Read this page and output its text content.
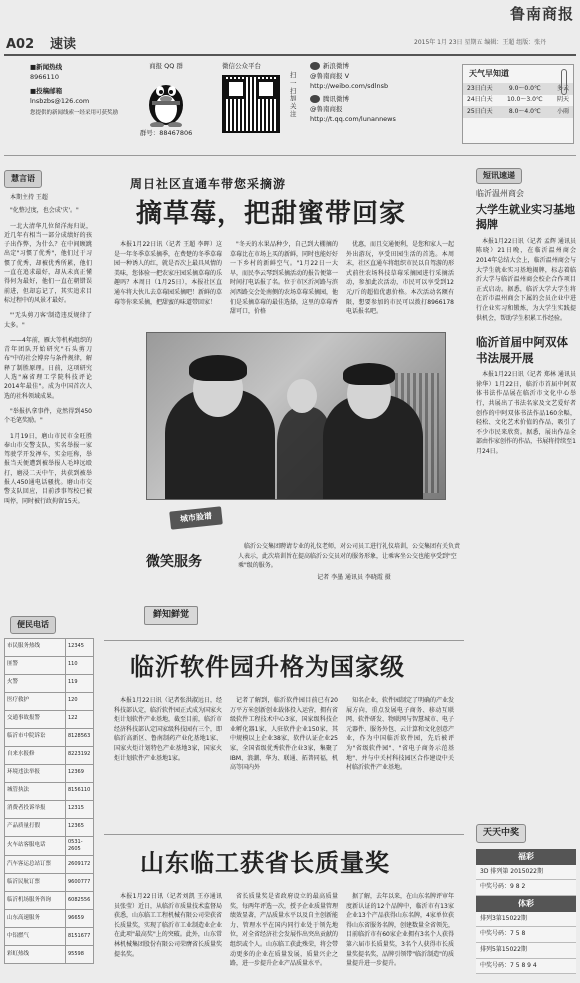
鲁南商报
A02 速读	2015年 1月 23日 星期五 编辑：王超 组版：张丹
■新闻热线
8966110
■投稿邮箱
lnsbzbs@126.com
您提供的新闻线索一经采用可获奖励
商报 QQ 群
群号：88467806
微信公众平台
扫一扫加关注
新浪微博
@鲁南商报 V
http://weibo.com/sdlnsb
腾讯微博
@鲁南商报
http://t.qq.com/lunannews
天气早知道
23日白天	9.0～0.0℃	多云
24日白天 10.0～3.0℃ 阴天
25日白天	8.0～4.0℃	小雨
慧言语
本期主持 王超

"化整过度，也会成'灾'。"

一北大清华几位留洋海归说，近几年有相当一部分成绩好的孩子出作弊，为什么？在中间顾跳出定"习惯了优秀"，他们过于习惯了优秀，却被优秀所累，他们一直在追求最好，却从未真正懂得何为最好，他们一直在朝错误前进，但却忘记了，其实追求目标过程中的风景才最好。

"'无头剪刀客'制造违反规律了太多。"

——4年前，雁大等机构组织的青年团队开始研究"石头剪刀布"中的社会博弈与条件规律，解释了制胜原理。日前，这项研究人选"麻省理工学院科技评论2014年最佳"。成为中国首次人选的社科领域成果。

"举报扒拿事件，竟然得到450个毛笔奖励。"

1月19日，磨山市民市金旺胜奉山市交警支队，实名举报一家驾驶学开发禅车，实金旺称，举报当天便遭到被举报人毛坤远殴打，磨浸二天中午，共获到被举报人450通电话骚扰。磨山市交警支队回应，目前涉事驾校已被叫停，同时被行政拘留15天。

便民电话
市民服务热线	12345
匪警	110
火警	119
医疗救护	120
交通事故报警	122
临沂市中院诉讼	8128563
自来水报修	8223192
环境违法举报	12369
城管执法	8156110
消费者投诉举报	12315
产品质量打假	12365
火车站客服电话	0531-2605
汽车客运总站订票	2609172
临沂民航订票	9600777
临沂机场服务咨询	6082556
山东高速服务	96659
中铝燃气	8151677
彩虹热线	95598
周日社区直通车带您采摘游
摘草莓，把甜蜜带回家

本报1月22日讯（记者 王超 李晖）这是一年冬季草采摘季，在费楚的冬季草莓园一种诱人的红，就是否次上最具风情的美味，您体验一把农家庄园采摘草莓的乐趣吗？本周日（1月25日），本报社区直通车将大伙儿去草莓园采摘吧！新鲜的草莓等你来采摘，把甜蜜的味道带回家！

"冬天的水果品种少，自己到大棚摘的草莓比在市场上买的新鲜，同时也能好好一下乡村的新鲜空气。"1月22日一大早，而民李云琴到采摘活动的报告便第一时间打电话报了名。位于市区沂河路与滨河西路交会处南侧的农场草莓采摘园，他们是采摘草莓的最佳选择，这里的草莓香甜可口，价格

优惠，而且交通便利，是您和家人一起外出游玩，享受田园生活的首选。本周末，社区直通车将组织市民以自驾游的形式前往农场科技草莓采摘园进行采摘活动，参加此次活动，市民可以享受到12元/斤的超值优惠价格。本次活动名额有限，想要参加的市民可以拨打8966178电话报名吧。

城市脸谱
微笑服务
临沂公交集团聘请专业的礼仪老师，对公司员工进行礼仪培训，公交集团有关负责人表示，此次培训旨在提高临沂公交员对的服务形象，让乘客坐公交也能享受到"空乘"级的服务。
记者 李墨 通讯员 李晓霞 摄
鲜知鲜觉
临沂软件园升格为国家级

本报1月22日讯（记者张洪淑远日，经科技部认定，临沂软件园正式成为国家火炬计划软件产业基地，截至目前，临沂市经济科技部认定国家级科技园有三个，即临沂高新区、鲁南制药产业化基地1家、国家火炬计划特色产业基地3家，国家火炬计划软件产业基地1家。

记者了解到，临沂软件园目前已有20万平方米创新创业载体投入运营，拥有省级软件工程技术中心3家，国家级科技企业孵化器1家，人驻软件企业150家，其中规模以上企业38家，软件认证企业25家，全国省级优秀软件企业3家，集聚了IBM、浪潮、华为、联通、拓普同福，机高等国内外

知名企业，软件园制定了明确的产业发展方向，重点发展电子商务、移动互联网、软件研发、物联网与智慧城市、电子元器件、服务外包、云计算和文化创意产业，作为中国临沂软件园，先后被评为"省级软件园"、"省电子商务示范基地"、并与中关村科技园区合作建设中关村临沂软件产业基地。

山东临工获省长质量奖

本报1月22日讯（记者刘凯 王亦通讯员张莹）近日，从临沂市质量技术监督局获悉，山东临工工程机械有限公司荣获省长质量奖，实现了临沂市工业制造业企业在此项"最高奖"上的突破。此外，山东常林机械集团股份有限公司荣膺省长质量奖提名奖。

省长质量奖是省政府设立的最高质量奖，每两年评选一次，授予企业质量管理绩效显著，产品质量水平以及自主创新能力、管理水平在国内同行业处于领先地位，对全省经济社会发展作出突出贡献的组织或个人。山东临工获此殊荣，将会带动更多的企业在质量发展，质量兴企之路，进一步提升企业产品质量水平。

据了解，去年以来，在山东名牌评审年度新认证的12个品牌中，临沂市有13家企业13个产品获得山东名牌，4家单位获得山东省服务名牌，创建数量全省领先，目前临沂市有60家企业拥有3名个人获得第六届市长质量奖，3名个人获得市长质量奖提名奖，品牌引领带"临沂制造"的质量提升进一步提升。

短讯速递
临沂温州商会
大学生就业实习基地揭牌
本报1月22日讯（记者 孟辉 通讯员 陈晓）21日晚，在临沂温州商会2014年总结大会上，临沂温州商会与大学生就业实习基地揭牌，标志着临沂大学与临沂温州商会校企合作项目正式启动。据悉，临沂大学大学生将在沂市温州商会下属的会员企业中进行企业实习和锻炼，为大学生实践提供机会，帮助学生积累工作经验。
临沂首届中阿双体书法展开展
本报1月22日讯（记者 郑林 通讯员 徐华）1月22日，临沂市首届中阿双体书法作品展在临沂市文化中心举行，共展出了书法名家及文艺爱好者创作的中阿双体书法作品160余幅，轻松、文化艺术价值的作品，吸引了不少市民来欣赏。据悉，展出作品全部由作家创作的作品，书展将持续至1月24日。
天天中奖
福彩
3D 排列第 2015022期
中奖号码：9 8 2
体彩
排列3第15022期
中奖号码：7 5 8
排列5第15022期
中奖号码：7 5 8 9 4
